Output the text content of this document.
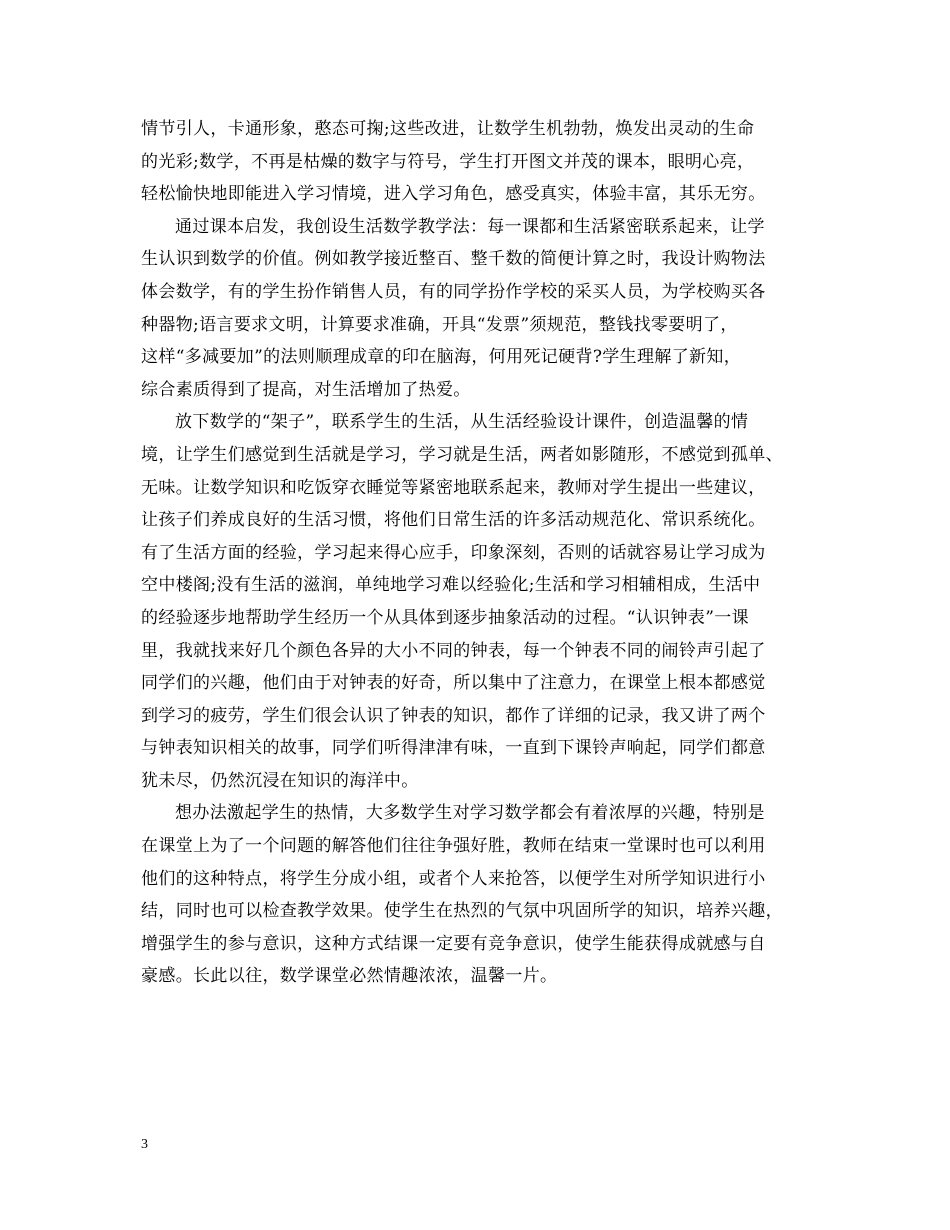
情节引人，卡通形象，憨态可掬;这些改进，让数学生机勃勃，焕发出灵动的生命
的光彩;数学，不再是枯燥的数字与符号，学生打开图文并茂的课本，眼明心亮，
轻松愉快地即能进入学习情境，进入学习角色，感受真实，体验丰富，其乐无穷。
通过课本启发，我创设生活数学教学法：每一课都和生活紧密联系起来，让学
生认识到数学的价值。例如教学接近整百、整千数的简便计算之时，我设计购物法
体会数学，有的学生扮作销售人员，有的同学扮作学校的采买人员，为学校购买各
种器物;语言要求文明，计算要求准确，开具“发票”须规范，整钱找零要明了，
这样“多减要加”的法则顺理成章的印在脑海，何用死记硬背?学生理解了新知，
综合素质得到了提高，对生活增加了热爱。
放下数学的“架子”，联系学生的生活，从生活经验设计课件，创造温馨的情
境，让学生们感觉到生活就是学习，学习就是生活，两者如影随形，不感觉到孤单、
无味。让数学知识和吃饭穿衣睡觉等紧密地联系起来，教师对学生提出一些建议，
让孩子们养成良好的生活习惯，将他们日常生活的许多活动规范化、常识系统化。
有了生活方面的经验，学习起来得心应手，印象深刻，否则的话就容易让学习成为
空中楼阁;没有生活的滋润，单纯地学习难以经验化;生活和学习相辅相成，生活中
的经验逐步地帮助学生经历一个从具体到逐步抽象活动的过程。“认识钟表”一课
里，我就找来好几个颜色各异的大小不同的钟表，每一个钟表不同的闹铃声引起了
同学们的兴趣，他们由于对钟表的好奇，所以集中了注意力，在课堂上根本都感觉
到学习的疲劳，学生们很会认识了钟表的知识，都作了详细的记录，我又讲了两个
与钟表知识相关的故事，同学们听得津津有味，一直到下课铃声响起，同学们都意
犹未尽，仍然沉浸在知识的海洋中。
想办法激起学生的热情，大多数学生对学习数学都会有着浓厚的兴趣，特别是
在课堂上为了一个问题的解答他们往往争强好胜，教师在结束一堂课时也可以利用
他们的这种特点，将学生分成小组，或者个人来抢答，以便学生对所学知识进行小
结，同时也可以检查教学效果。使学生在热烈的气氛中巩固所学的知识，培养兴趣，
增强学生的参与意识，这种方式结课一定要有竞争意识，使学生能获得成就感与自
豪感。长此以往，数学课堂必然情趣浓浓，温馨一片。
3
